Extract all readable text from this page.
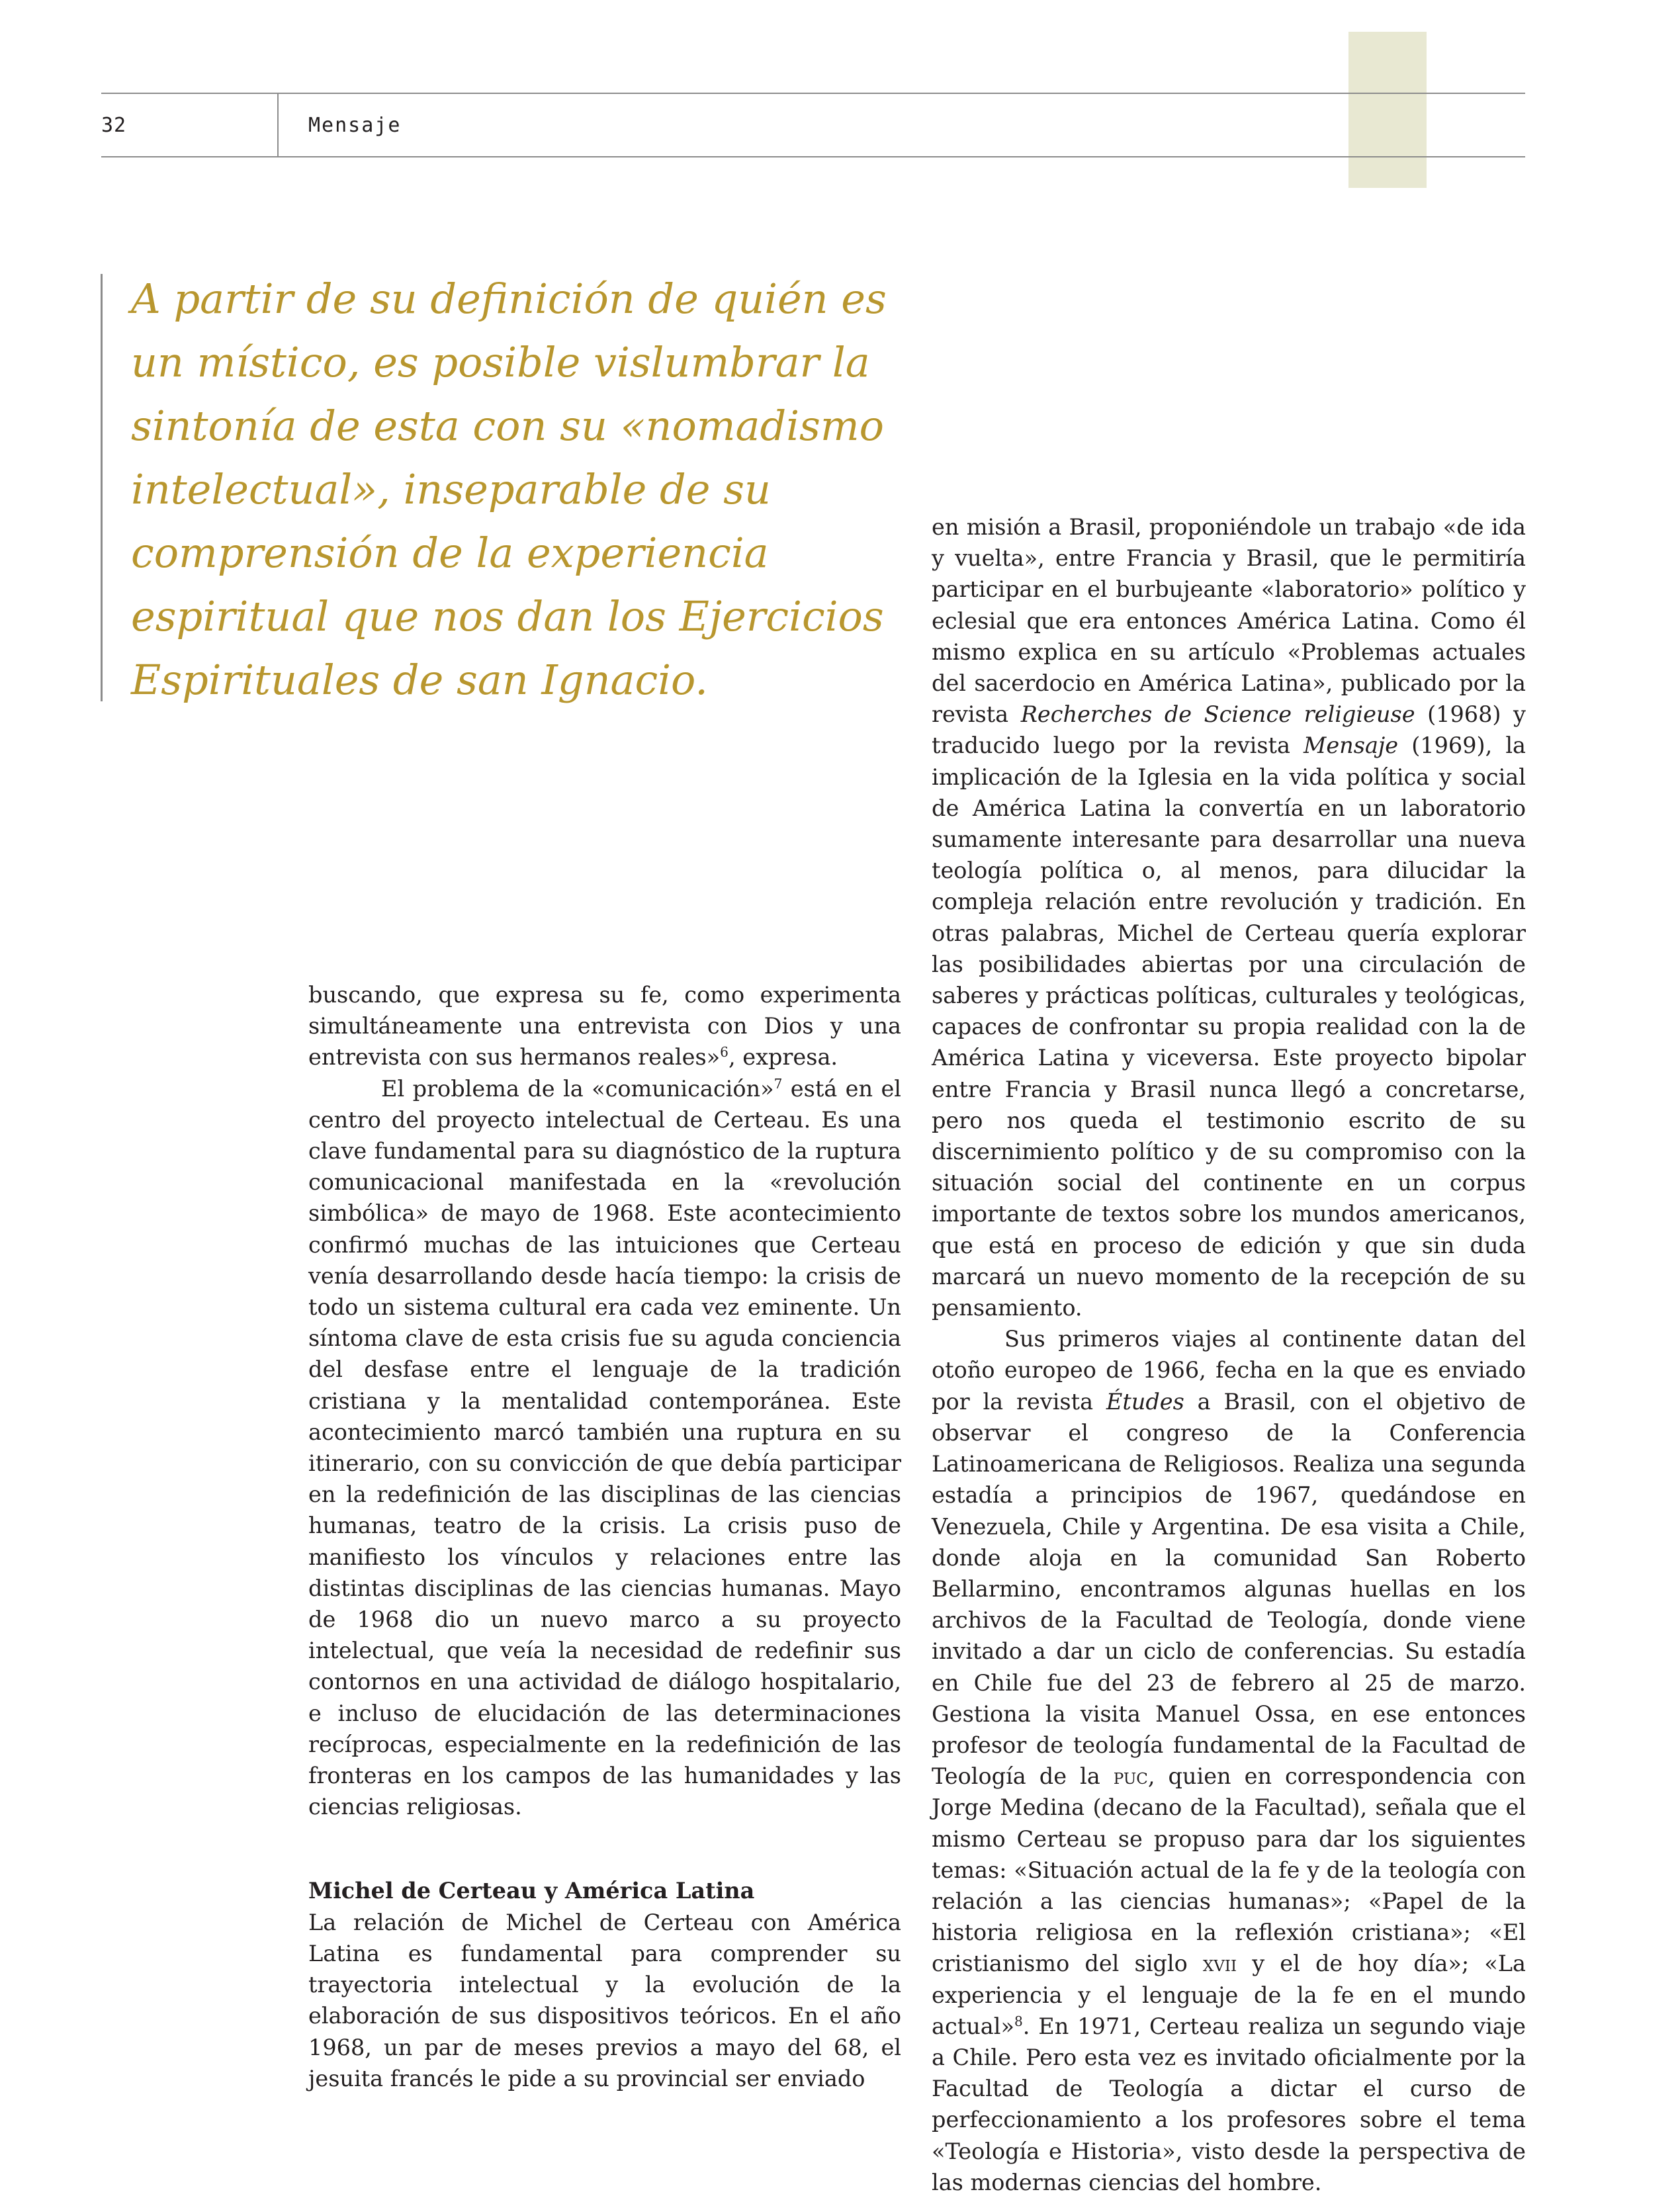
32	Mensaje

A partir de su definición de quién es un místico, es posible vislumbrar la sintonía de esta con su «nomadismo intelectual», inseparable de su comprensión de la experiencia espiritual que nos dan los Ejercicios Espirituales de san Ignacio.

buscando, que expresa su fe, como experimenta simultáneamente una entrevista con Dios y una entrevista con sus hermanos reales»$^6$, expresa.

El problema de la «comunicación»$^7$ está en el centro del proyecto intelectual de Certeau. Es una clave fundamental para su diagnóstico de la ruptura comunicacional manifestada en la «revolución simbólica» de mayo de 1968. Este acontecimiento confirmó muchas de las intuiciones que Certeau venía desarrollando desde hacía tiempo: la crisis de todo un sistema cultural era cada vez eminente. Un síntoma clave de esta crisis fue su aguda conciencia del desfase entre el lenguaje de la tradición cristiana y la mentalidad contemporánea. Este acontecimiento marcó también una ruptura en su itinerario, con su convicción de que debía participar en la redefinición de las disciplinas de las ciencias humanas, teatro de la crisis. La crisis puso de manifiesto los vínculos y relaciones entre las distintas disciplinas de las ciencias humanas. Mayo de 1968 dio un nuevo marco a su proyecto intelectual, que veía la necesidad de redefinir sus contornos en una actividad de diálogo hospitalario, e incluso de elucidación de las determinaciones recíprocas, especialmente en la redefinición de las fronteras en los campos de las humanidades y las ciencias religiosas.

Michel de Certeau y América Latina

La relación de Michel de Certeau con América Latina es fundamental para comprender su trayectoria intelectual y la evolución de la elaboración de sus dispositivos teóricos. En el año 1968, un par de meses previos a mayo del 68, el jesuita francés le pide a su provincial ser enviado

en misión a Brasil, proponiéndole un trabajo «de ida y vuelta», entre Francia y Brasil, que le permitiría participar en el burbujeante «laboratorio» político y eclesial que era entonces América Latina. Como él mismo explica en su artículo «Problemas actuales del sacerdocio en América Latina», publicado por la revista Recherches de Science religieuse (1968) y traducido luego por la revista Mensaje (1969), la implicación de la Iglesia en la vida política y social de América Latina la convertía en un laboratorio sumamente interesante para desarrollar una nueva teología política o, al menos, para dilucidar la compleja relación entre revolución y tradición. En otras palabras, Michel de Certeau quería explorar las posibilidades abiertas por una circulación de saberes y prácticas políticas, culturales y teológicas, capaces de confrontar su propia realidad con la de América Latina y viceversa. Este proyecto bipolar entre Francia y Brasil nunca llegó a concretarse, pero nos queda el testimonio escrito de su discernimiento político y de su compromiso con la situación social del continente en un corpus importante de textos sobre los mundos americanos, que está en proceso de edición y que sin duda marcará un nuevo momento de la recepción de su pensamiento.

Sus primeros viajes al continente datan del otoño europeo de 1966, fecha en la que es enviado por la revista Études a Brasil, con el objetivo de observar el congreso de la Conferencia Latinoamericana de Religiosos. Realiza una segunda estadía a principios de 1967, quedándose en Venezuela, Chile y Argentina. De esa visita a Chile, donde aloja en la comunidad San Roberto Bellarmino, encontramos algunas huellas en los archivos de la Facultad de Teología, donde viene invitado a dar un ciclo de conferencias. Su estadía en Chile fue del 23 de febrero al 25 de marzo. Gestiona la visita Manuel Ossa, en ese entonces profesor de teología fundamental de la Facultad de Teología de la puc, quien en correspondencia con Jorge Medina (decano de la Facultad), señala que el mismo Certeau se propuso para dar los siguientes temas: «Situación actual de la fe y de la teología con relación a las ciencias humanas»; «Papel de la historia religiosa en la reflexión cristiana»; «El cristianismo del siglo xvii y el de hoy día»; «La experiencia y el lenguaje de la fe en el mundo actual»$^8$. En 1971, Certeau realiza un segundo viaje a Chile. Pero esta vez es invitado oficialmente por la Facultad de Teología a dictar el curso de perfeccionamiento a los profesores sobre el tema «Teología e Historia», visto desde la perspectiva de las modernas ciencias del hombre.
